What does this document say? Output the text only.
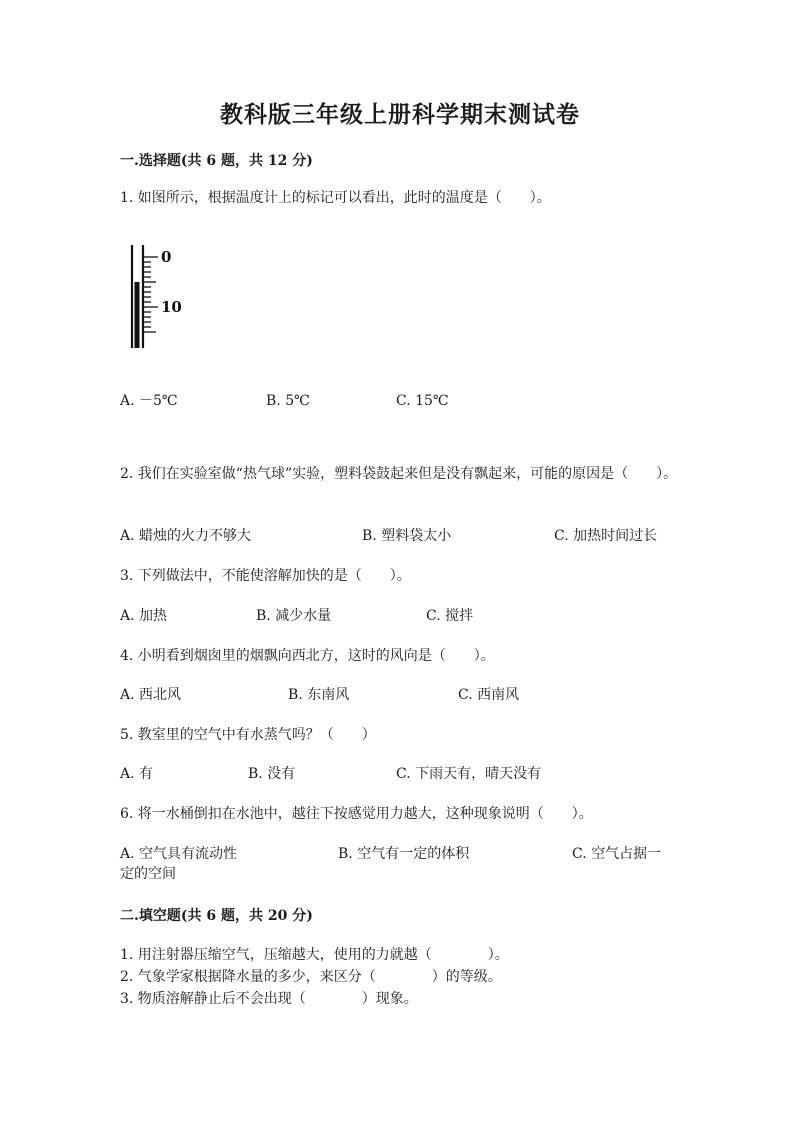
教科版三年级上册科学期末测试卷
一.选择题(共 6 题，共 12 分)
1. 如图所示，根据温度计上的标记可以看出，此时的温度是（　　）。
0
10
A. －5℃	B. 5℃	C. 15℃
2. 我们在实验室做“热气球”实验，塑料袋鼓起来但是没有飘起来，可能的原因是（　　）。
A. 蜡烛的火力不够大	B. 塑料袋太小	C. 加热时间过长
3. 下列做法中，不能使溶解加快的是（　　）。
A. 加热	B. 减少水量	C. 搅拌
4. 小明看到烟囱里的烟飘向西北方，这时的风向是（　　）。
A. 西北风	B. 东南风	C. 西南风
5. 教室里的空气中有水蒸气吗？（　　）
A. 有	B. 没有	C. 下雨天有，晴天没有
6. 将一水桶倒扣在水池中，越往下按感觉用力越大，这种现象说明（　　）。
A. 空气具有流动性	B. 空气有一定的体积	C. 空气占据一
定的空间
二.填空题(共 6 题，共 20 分)
1. 用注射器压缩空气，压缩越大，使用的力就越（　　　　）。
2. 气象学家根据降水量的多少，来区分（　　　　）的等级。
3. 物质溶解静止后不会出现（　　　　）现象。
